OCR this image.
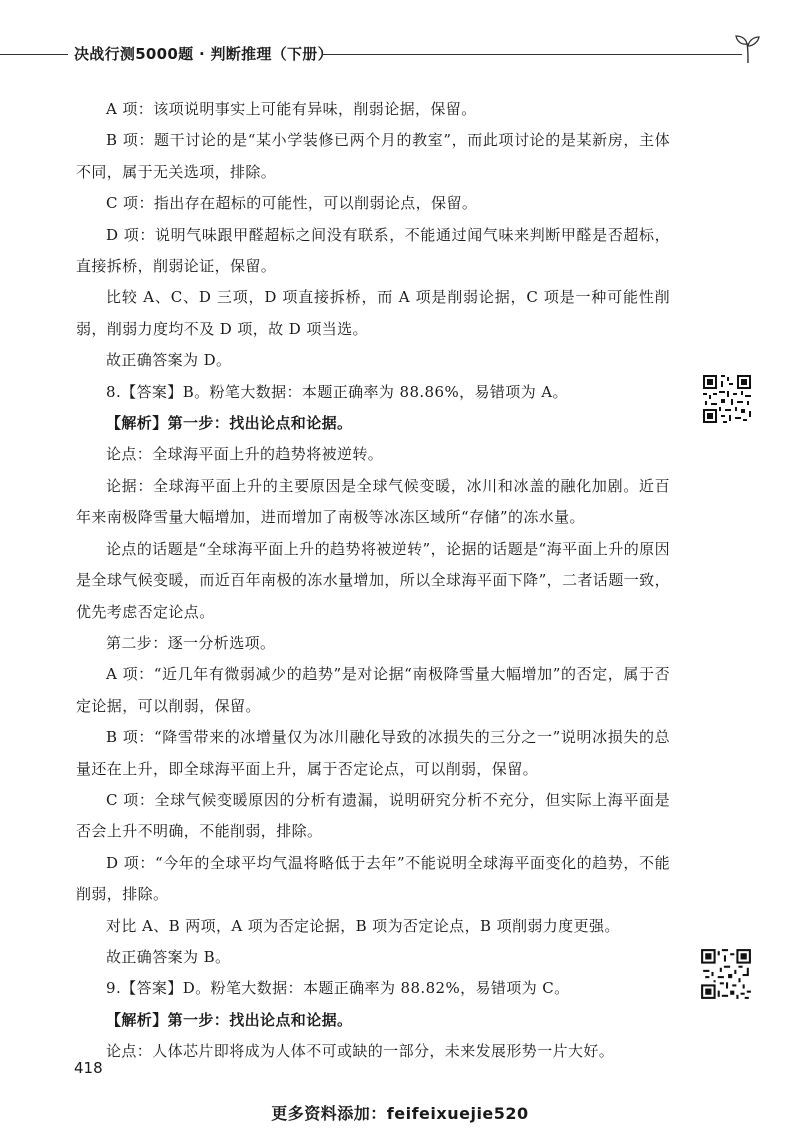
决战行测5000题 · 判断推理（下册）

A 项：该项说明事实上可能有异味，削弱论据，保留。

B 项：题干讨论的是“某小学装修已两个月的教室”，而此项讨论的是某新房，主体不同，属于无关选项，排除。

C 项：指出存在超标的可能性，可以削弱论点，保留。

D 项：说明气味跟甲醛超标之间没有联系，不能通过闻气味来判断甲醛是否超标，直接拆桥，削弱论证，保留。

比较 A、C、D 三项，D 项直接拆桥，而 A 项是削弱论据，C 项是一种可能性削弱，削弱力度均不及 D 项，故 D 项当选。

故正确答案为 D。

8.【答案】B。粉笔大数据：本题正确率为 88.86%，易错项为 A。

【解析】第一步：找出论点和论据。

论点：全球海平面上升的趋势将被逆转。

论据：全球海平面上升的主要原因是全球气候变暖，冰川和冰盖的融化加剧。近百年来南极降雪量大幅增加，进而增加了南极等冰冻区域所“存储”的冻水量。

论点的话题是“全球海平面上升的趋势将被逆转”，论据的话题是“海平面上升的原因是全球气候变暖，而近百年南极的冻水量增加，所以全球海平面下降”，二者话题一致，优先考虑否定论点。

第二步：逐一分析选项。

A 项：“近几年有微弱减少的趋势”是对论据“南极降雪量大幅增加”的否定，属于否定论据，可以削弱，保留。

B 项：“降雪带来的冰增量仅为冰川融化导致的冰损失的三分之一”说明冰损失的总量还在上升，即全球海平面上升，属于否定论点，可以削弱，保留。

C 项：全球气候变暖原因的分析有遗漏，说明研究分析不充分，但实际上海平面是否会上升不明确，不能削弱，排除。

D 项：“今年的全球平均气温将略低于去年”不能说明全球海平面变化的趋势，不能削弱，排除。

对比 A、B 两项，A 项为否定论据，B 项为否定论点，B 项削弱力度更强。

故正确答案为 B。

9.【答案】D。粉笔大数据：本题正确率为 88.82%，易错项为 C。

【解析】第一步：找出论点和论据。

论点：人体芯片即将成为人体不可或缺的一部分，未来发展形势一片大好。

418
更多资料添加：feifeixuejie520
